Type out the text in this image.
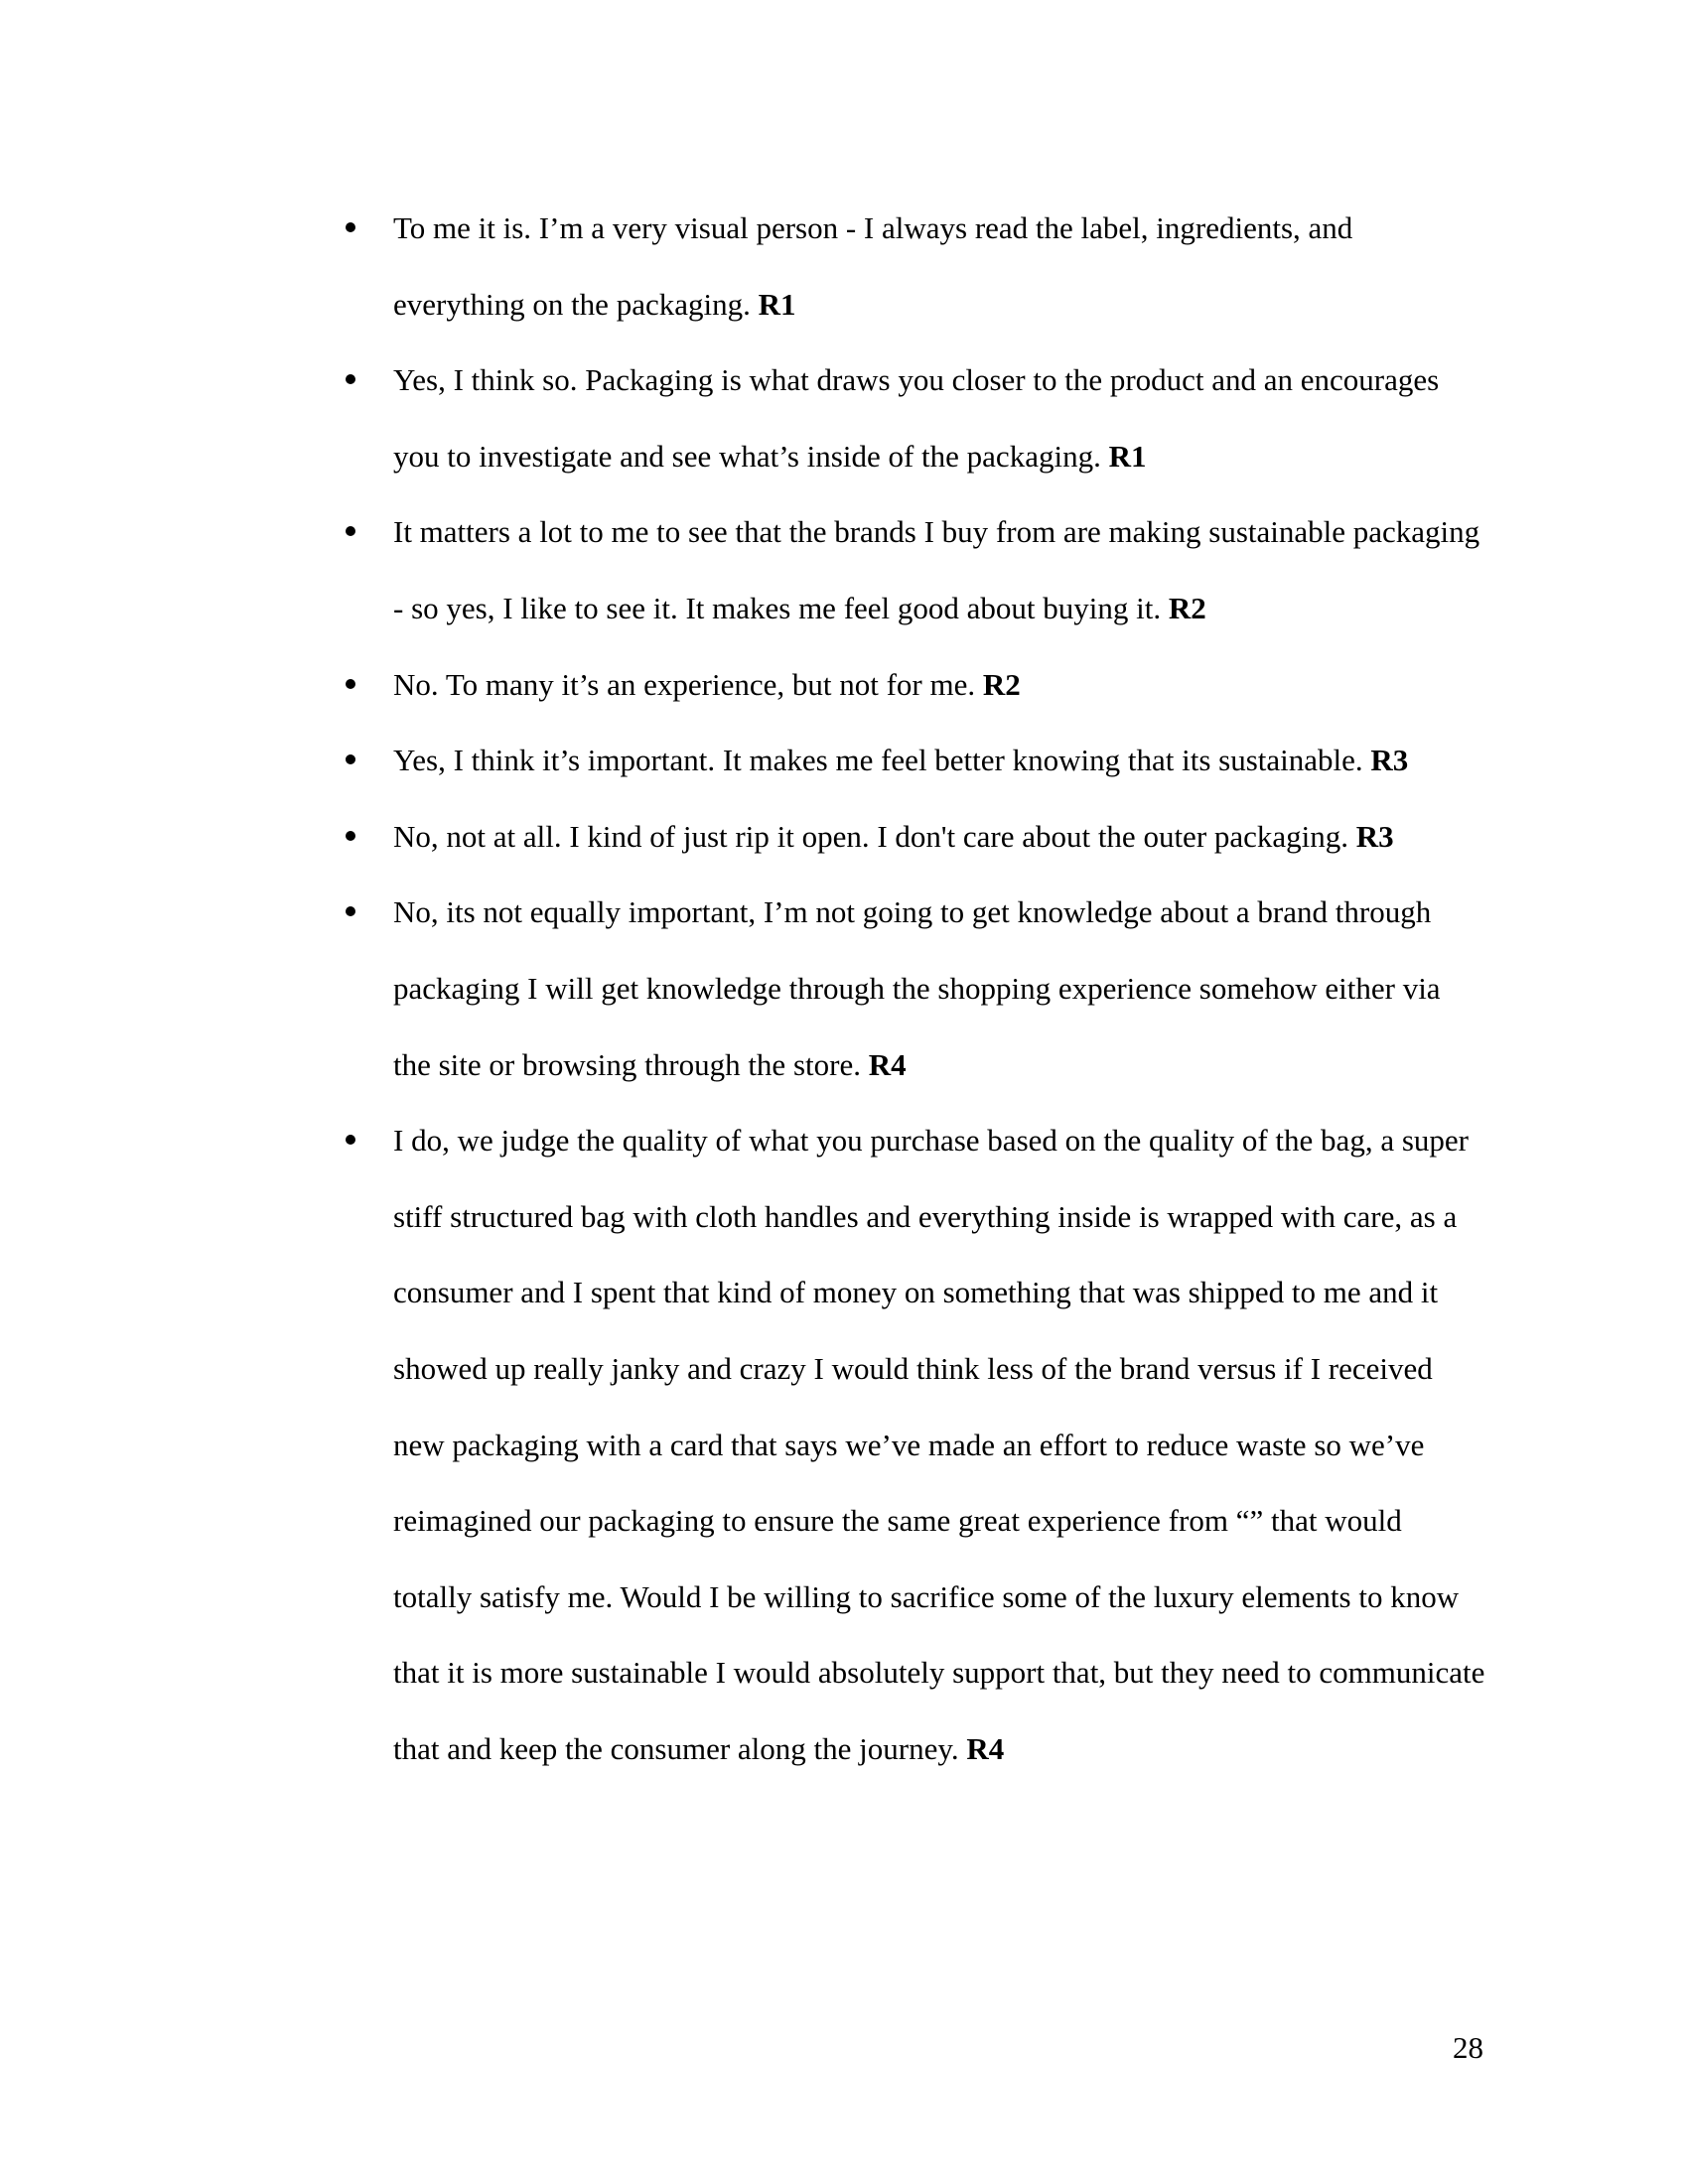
To me it is. I’m a very visual person - I always read the label, ingredients, and everything on the packaging. R1
Yes, I think so. Packaging is what draws you closer to the product and an encourages you to investigate and see what’s inside of the packaging. R1
It matters a lot to me to see that the brands I buy from are making sustainable packaging - so yes, I like to see it. It makes me feel good about buying it. R2
No. To many it’s an experience, but not for me. R2
Yes, I think it’s important. It makes me feel better knowing that its sustainable. R3
No, not at all. I kind of just rip it open. I don't care about the outer packaging. R3
No, its not equally important, I’m not going to get knowledge about a brand through packaging I will get knowledge through the shopping experience somehow either via the site or browsing through the store. R4
I do, we judge the quality of what you purchase based on the quality of the bag, a super stiff structured bag with cloth handles and everything inside is wrapped with care, as a consumer and I spent that kind of money on something that was shipped to me and it showed up really janky and crazy I would think less of the brand versus if I received new packaging with a card that says we’ve made an effort to reduce waste so we’ve reimagined our packaging to ensure the same great experience from “” that would totally satisfy me. Would I be willing to sacrifice some of the luxury elements to know that it is more sustainable I would absolutely support that, but they need to communicate that and keep the consumer along the journey. R4
28
